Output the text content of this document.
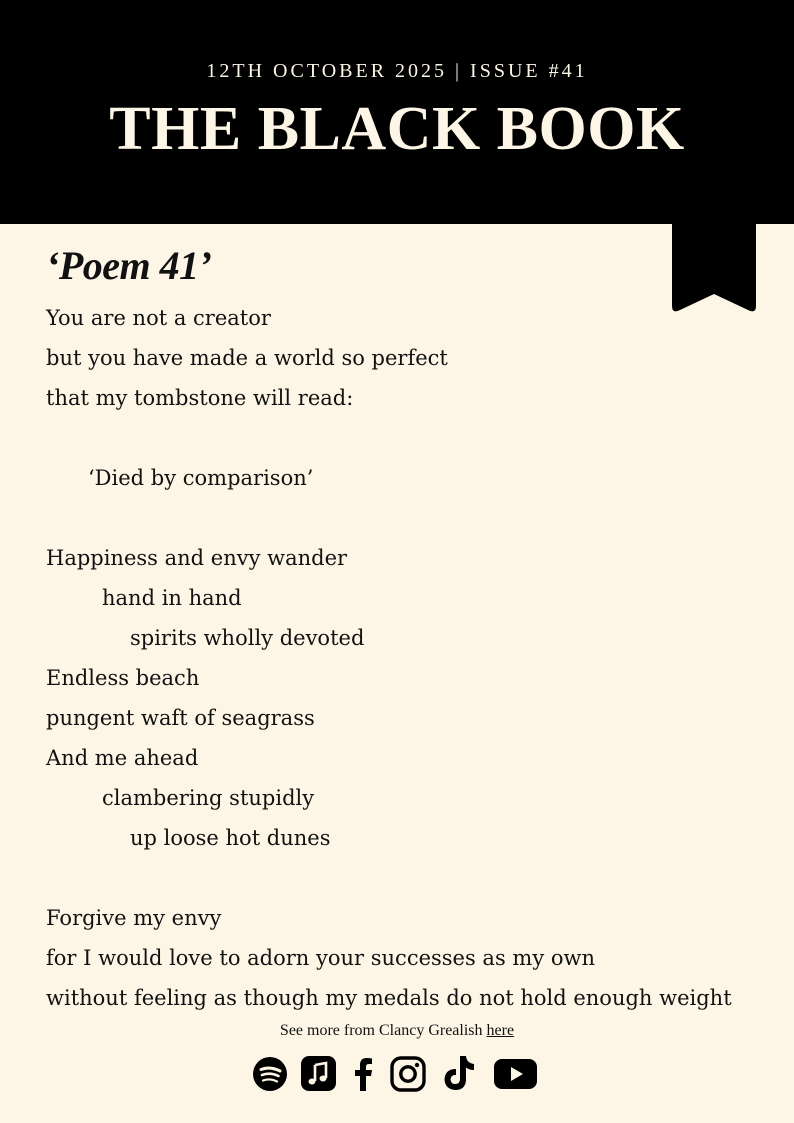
12TH OCTOBER 2025 | ISSUE #41
THE BLACK BOOK
‘Poem 41’
You are not a creator
but you have made a world so perfect
that my tombstone will read:
‘Died by comparison’
Happiness and envy wander
hand in hand
spirits wholly devoted
Endless beach
pungent waft of seagrass
And me ahead
clambering stupidly
up loose hot dunes
Forgive my envy
for I would love to adorn your successes as my own
without feeling as though my medals do not hold enough weight
See more from Clancy Grealish here
